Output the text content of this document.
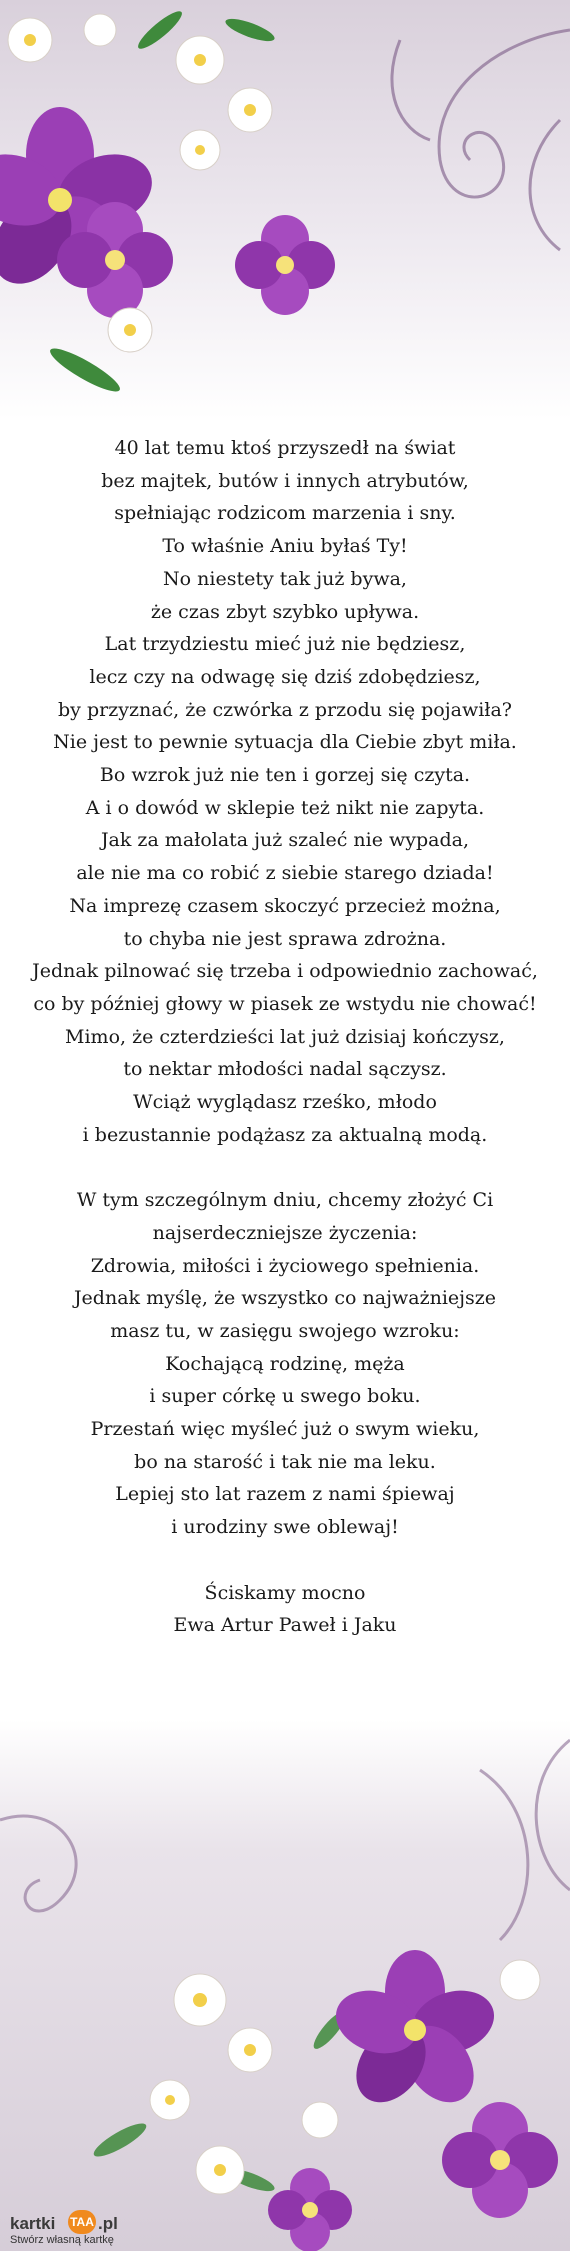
40 lat temu ktoś przyszedł na świat
bez majtek, butów i innych atrybutów,
spełniając rodzicom marzenia i sny.
To właśnie Aniu byłaś Ty!
No niestety tak już bywa,
że czas zbyt szybko upływa.
Lat trzydziestu mieć już nie będziesz,
lecz czy na odwagę się dziś zdobędziesz,
by przyznać, że czwórka z przodu się pojawiła?
Nie jest to pewnie sytuacja dla Ciebie zbyt miła.
Bo wzrok już nie ten i gorzej się czyta.
A i o dowód w sklepie też nikt nie zapyta.
Jak za małolata już szaleć nie wypada,
ale nie ma co robić z siebie starego dziada!
Na imprezę czasem skoczyć przecież można,
to chyba nie jest sprawa zdrożna.
Jednak pilnować się trzeba i odpowiednio zachować,
co by później głowy w piasek ze wstydu nie chować!
Mimo, że czterdzieści lat już dzisiaj kończysz,
to nektar młodości nadal sączysz.
Wciąż wyglądasz rześko, młodo
i bezustannie podążasz za aktualną modą.
W tym szczególnym dniu, chcemy złożyć Ci
najserdeczniejsze życzenia:
Zdrowia, miłości i życiowego spełnienia.
Jednak myślę, że wszystko co najważniejsze
masz tu, w zasięgu swojego wzroku:
Kochającą rodzinę, męża
i super córkę u swego boku.
Przestań więc myśleć już o swym wieku,
bo na starość i tak nie ma leku.
Lepiej sto lat razem z nami śpiewaj
i urodziny swe oblewaj!
Ściskamy mocno
Ewa Artur Paweł i Jaku
kartki TAA .pl
Stwórz własną kartkę
